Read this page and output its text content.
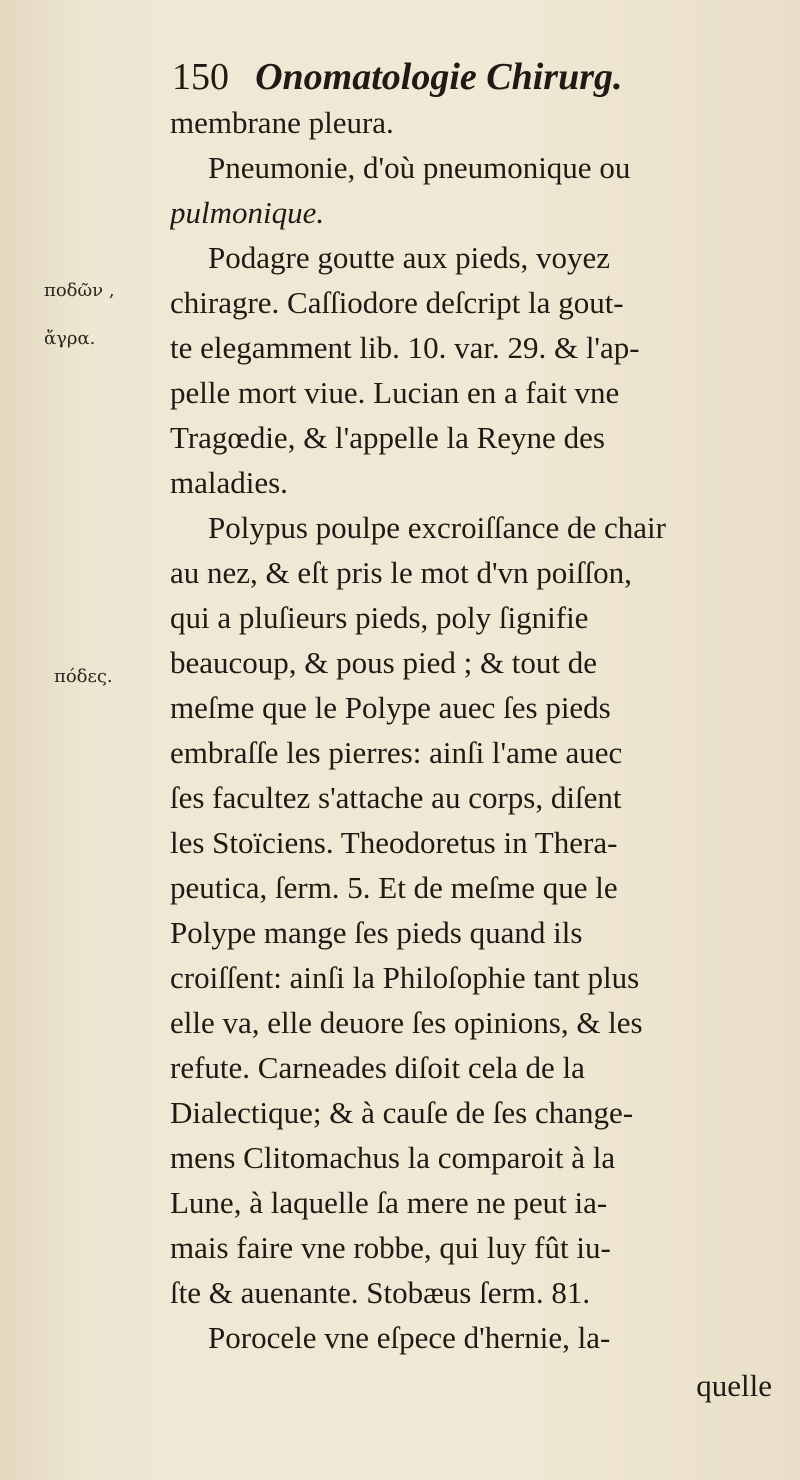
150 Onomatologie Chirurg.
ποδῶν ,
ἄγρα.
πόδες.
membrane pleura.
Pneumonie, d'où pneumonique ou
pulmonique.
Podagre goutte aux pieds, voyez
chiragre. Caſſiodore deſcript la gout-
te elegamment lib. 10. var. 29. & l'ap-
pelle mort viue. Lucian en a fait vne
Tragœdie, & l'appelle la Reyne des
maladies.
Polypus poulpe excroiſſance de chair
au nez, & eſt pris le mot d'vn poiſſon,
qui a pluſieurs pieds, poly ſignifie
beaucoup, & pous pied ; & tout de
meſme que le Polype auec ſes pieds
embraſſe les pierres: ainſi l'ame auec
ſes facultez s'attache au corps, diſent
les Stoïciens. Theodoretus in Thera-
peutica, ſerm. 5. Et de meſme que le
Polype mange ſes pieds quand ils
croiſſent: ainſi la Philoſophie tant plus
elle va, elle deuore ſes opinions, & les
refute. Carneades diſoit cela de la
Dialectique; & à cauſe de ſes change-
mens Clitomachus la comparoit à la
Lune, à laquelle ſa mere ne peut ia-
mais faire vne robbe, qui luy fût iu-
ſte & auenante. Stobæus ſerm. 81.
Porocele vne eſpece d'hernie, la-
quelle
